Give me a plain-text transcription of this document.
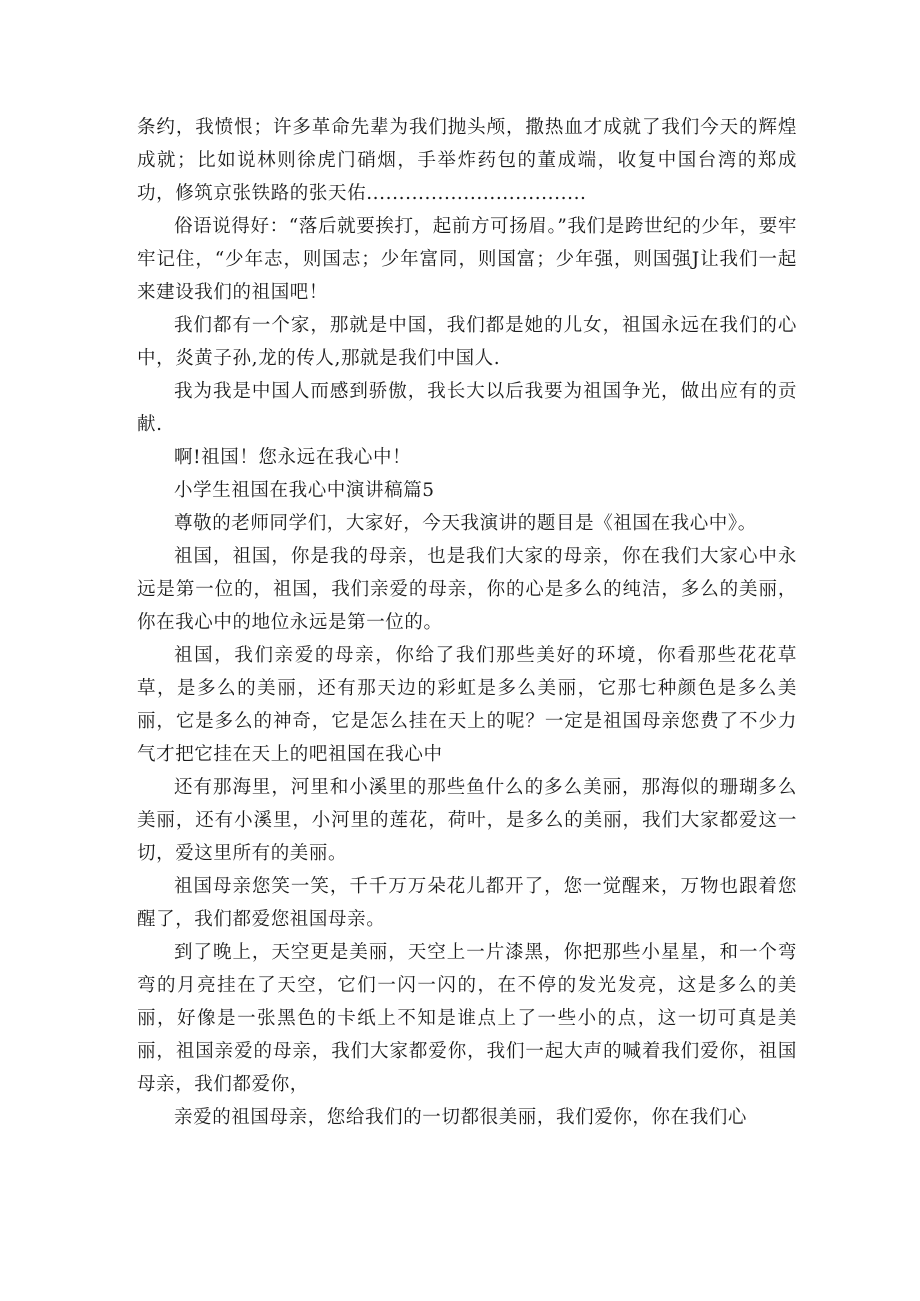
条约，我愤恨；许多革命先辈为我们抛头颅，撒热血才成就了我们今天的辉煌成就；比如说林则徐虎门硝烟，手举炸药包的董成端，收复中国台湾的郑成功，修筑京张铁路的张天佑..................................

俗语说得好：“落后就要挨打，起前方可扬眉。”我们是跨世纪的少年，要牢牢记住，“少年志，则国志；少年富同，则国富；少年强，则国强J让我们一起来建设我们的祖国吧！

我们都有一个家，那就是中国，我们都是她的儿女，祖国永远在我们的心中，炎黄子孙,龙的传人,那就是我们中国人.

我为我是中国人而感到骄傲，我长大以后我要为祖国争光，做出应有的贡献.

啊!祖国！您永远在我心中！

小学生祖国在我心中演讲稿篇5

尊敬的老师同学们，大家好，今天我演讲的题目是《祖国在我心中》。

祖国，祖国，你是我的母亲，也是我们大家的母亲，你在我们大家心中永远是第一位的，祖国，我们亲爱的母亲，你的心是多么的纯洁，多么的美丽，你在我心中的地位永远是第一位的。

祖国，我们亲爱的母亲，你给了我们那些美好的环境，你看那些花花草草，是多么的美丽，还有那天边的彩虹是多么美丽，它那七种颜色是多么美丽，它是多么的神奇，它是怎么挂在天上的呢？一定是祖国母亲您费了不少力气才把它挂在天上的吧祖国在我心中

还有那海里，河里和小溪里的那些鱼什么的多么美丽，那海似的珊瑚多么美丽，还有小溪里，小河里的莲花，荷叶，是多么的美丽，我们大家都爱这一切，爱这里所有的美丽。

祖国母亲您笑一笑，千千万万朵花儿都开了，您一觉醒来，万物也跟着您醒了，我们都爱您祖国母亲。

到了晚上，天空更是美丽，天空上一片漆黑，你把那些小星星，和一个弯弯的月亮挂在了天空，它们一闪一闪的，在不停的发光发亮，这是多么的美丽，好像是一张黑色的卡纸上不知是谁点上了一些小的点，这一切可真是美丽，祖国亲爱的母亲，我们大家都爱你，我们一起大声的喊着我们爱你，祖国母亲，我们都爱你，

亲爱的祖国母亲，您给我们的一切都很美丽，我们爱你，你在我们心
